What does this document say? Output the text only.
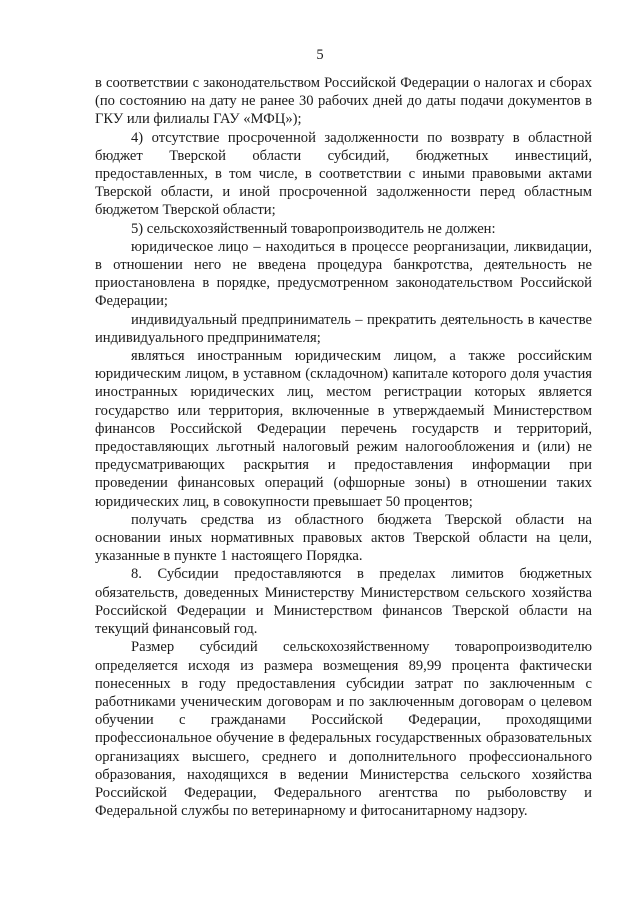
5

в соответствии с законодательством Российской Федерации о налогах и сборах (по состоянию на дату не ранее 30 рабочих дней до даты подачи документов в ГКУ или филиалы ГАУ «МФЦ»);

4) отсутствие просроченной задолженности по возврату в областной бюджет Тверской области субсидий, бюджетных инвестиций, предоставленных, в том числе, в соответствии с иными правовыми актами Тверской области, и иной просроченной задолженности перед областным бюджетом Тверской области;

5) сельскохозяйственный товаропроизводитель не должен:

юридическое лицо – находиться в процессе реорганизации, ликвидации, в отношении него не введена процедура банкротства, деятельность не приостановлена в порядке, предусмотренном законодательством Российской Федерации;

индивидуальный предприниматель – прекратить деятельность в качестве индивидуального предпринимателя;

являться иностранным юридическим лицом, а также российским юридическим лицом, в уставном (складочном) капитале которого доля участия иностранных юридических лиц, местом регистрации которых является государство или территория, включенные в утверждаемый Министерством финансов Российской Федерации перечень государств и территорий, предоставляющих льготный налоговый режим налогообложения и (или) не предусматривающих раскрытия и предоставления информации при проведении финансовых операций (офшорные зоны) в отношении таких юридических лиц, в совокупности превышает 50 процентов;

получать средства из областного бюджета Тверской области на основании иных нормативных правовых актов Тверской области на цели, указанные в пункте 1 настоящего Порядка.

8. Субсидии предоставляются в пределах лимитов бюджетных обязательств, доведенных Министерству Министерством сельского хозяйства Российской Федерации и Министерством финансов Тверской области на текущий финансовый год.

Размер субсидий сельскохозяйственному товаропроизводителю определяется исходя из размера возмещения 89,99 процента фактически понесенных в году предоставления субсидии затрат по заключенным с работниками ученическим договорам и по заключенным договорам о целевом обучении с гражданами Российской Федерации, проходящими профессиональное обучение в федеральных государственных образовательных организациях высшего, среднего и дополнительного профессионального образования, находящихся в ведении Министерства сельского хозяйства Российской Федерации, Федерального агентства по рыболовству и Федеральной службы по ветеринарному и фитосанитарному надзору.
